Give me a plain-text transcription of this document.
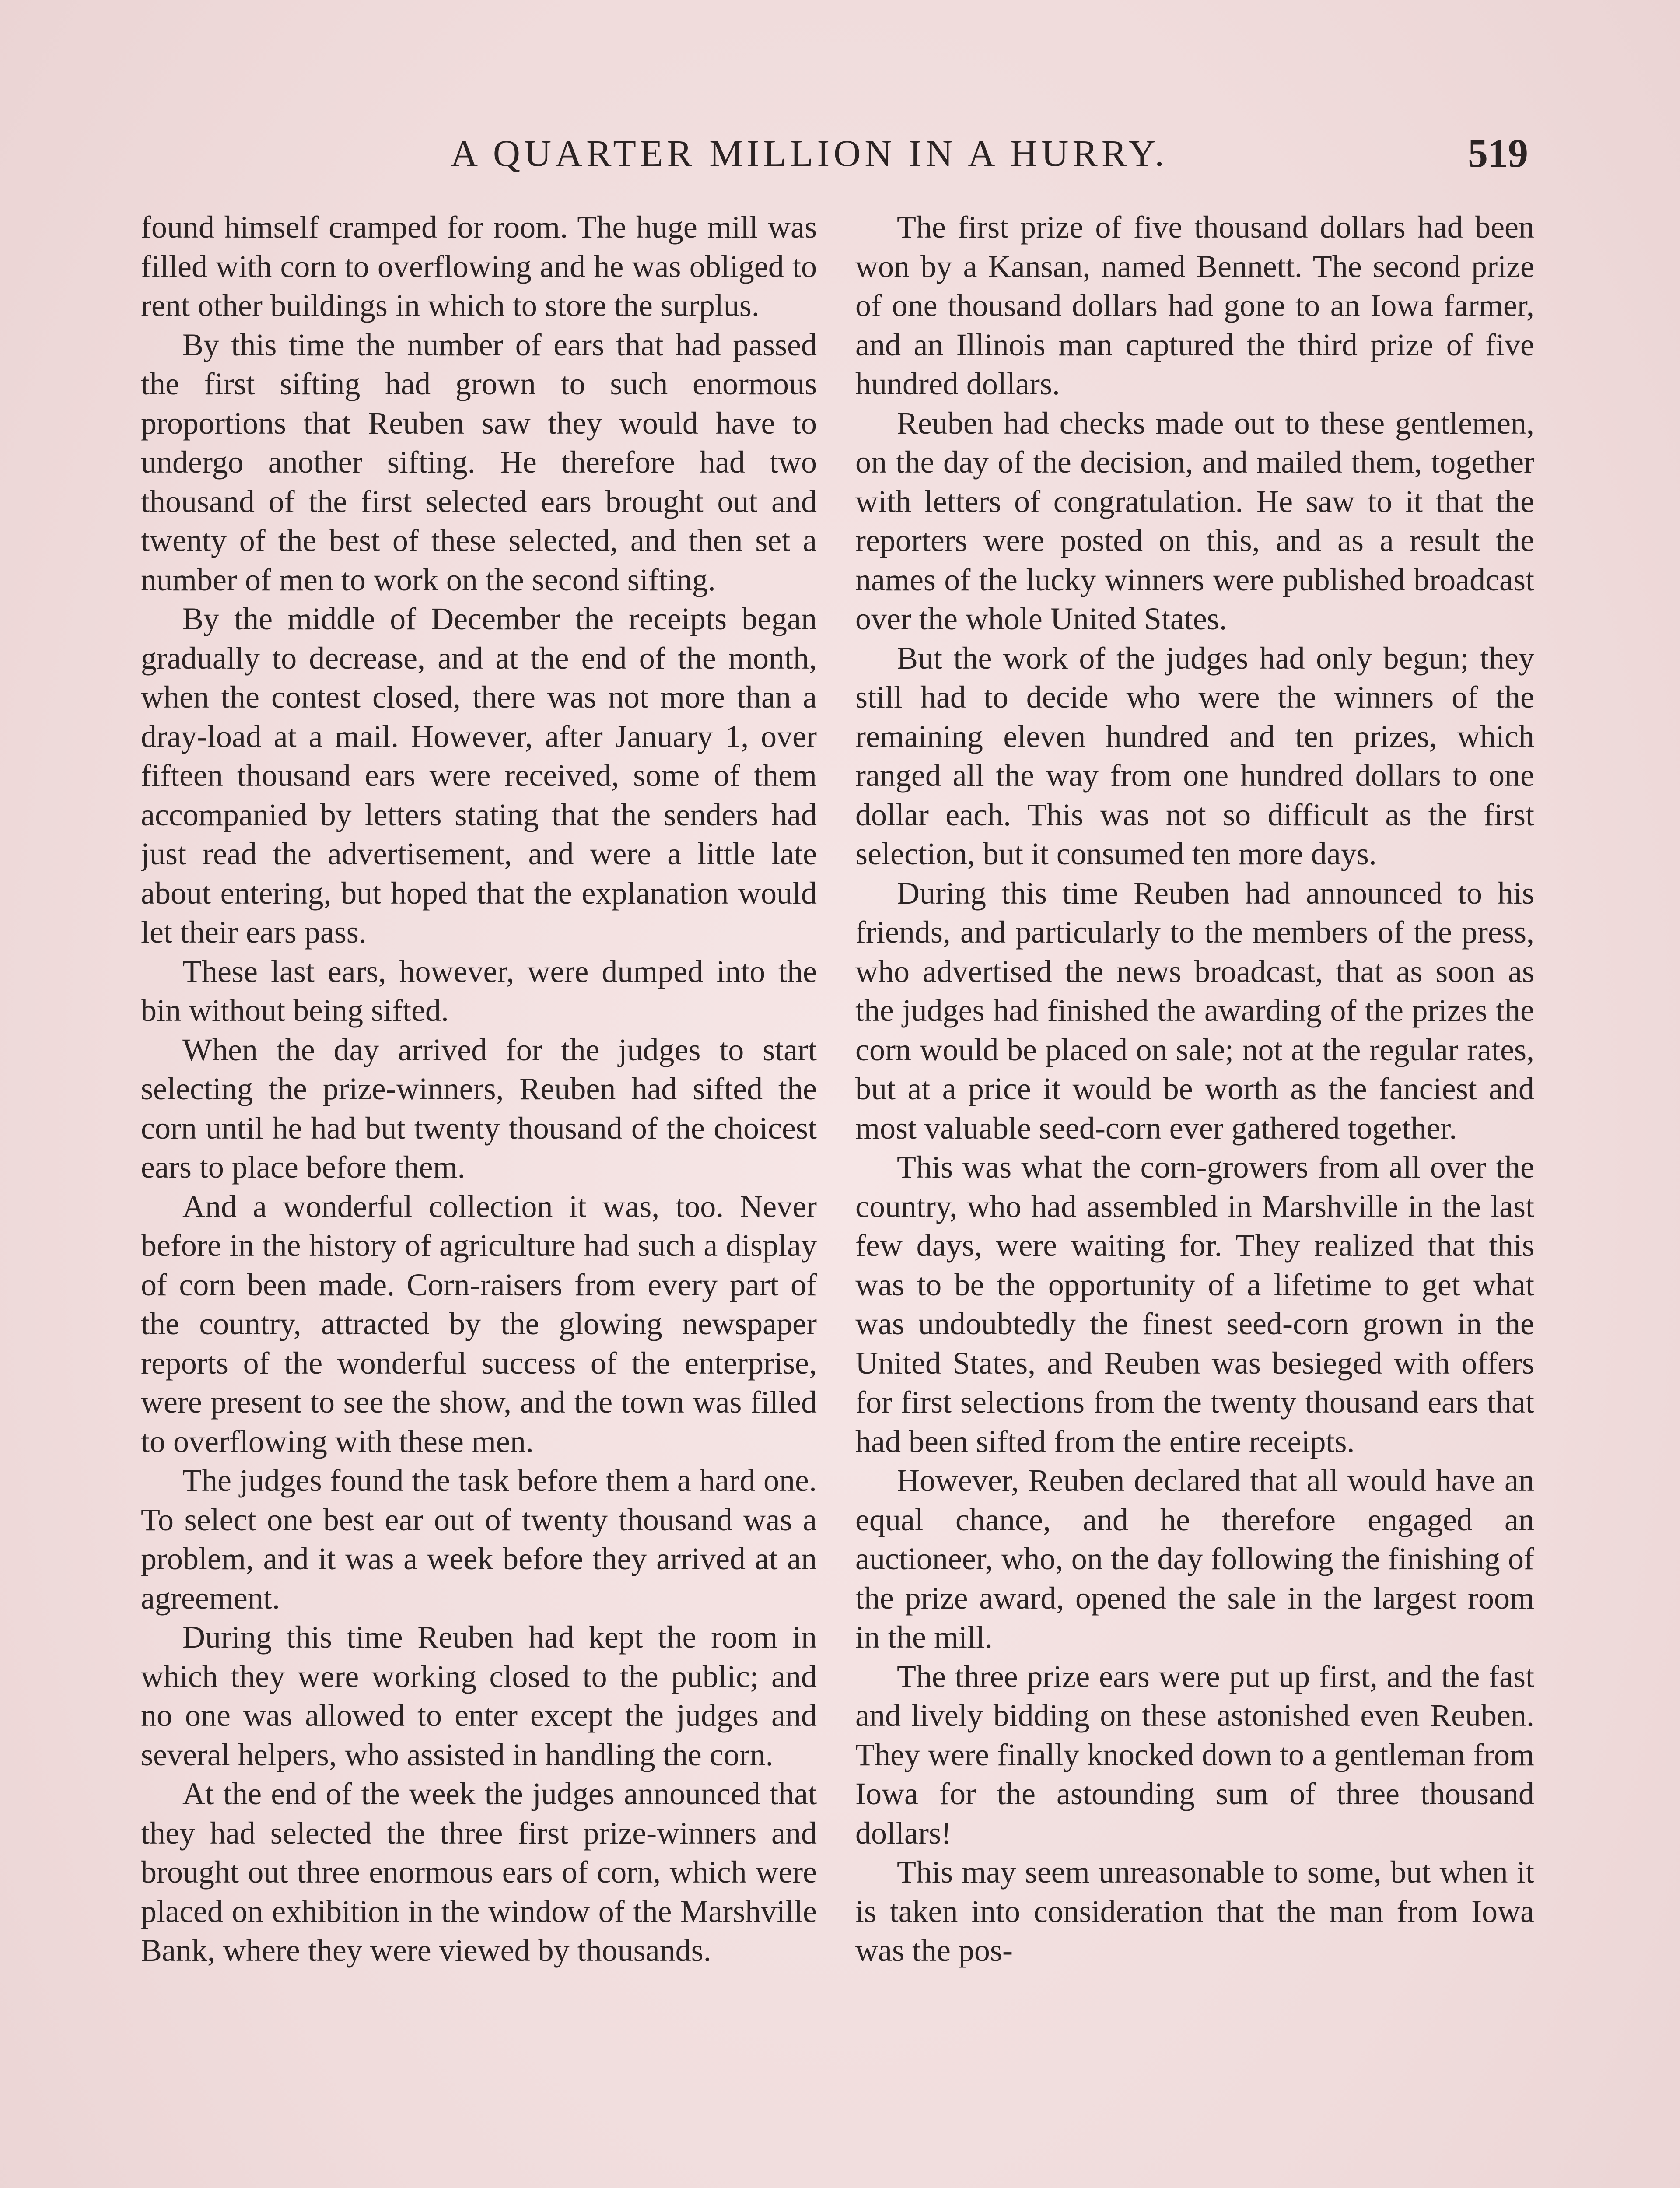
A QUARTER MILLION IN A HURRY.	519

found himself cramped for room. The huge mill was filled with corn to overflowing and he was obliged to rent other buildings in which to store the surplus.

By this time the number of ears that had passed the first sifting had grown to such enormous proportions that Reuben saw they would have to undergo another sifting. He therefore had two thousand of the first selected ears brought out and twenty of the best of these selected, and then set a number of men to work on the second sifting.

By the middle of December the receipts began gradually to decrease, and at the end of the month, when the contest closed, there was not more than a dray-load at a mail. However, after January 1, over fifteen thousand ears were received, some of them accompanied by letters stating that the senders had just read the advertisement, and were a little late about entering, but hoped that the explanation would let their ears pass.

These last ears, however, were dumped into the bin without being sifted.

When the day arrived for the judges to start selecting the prize-winners, Reuben had sifted the corn until he had but twenty thousand of the choicest ears to place before them.

And a wonderful collection it was, too. Never before in the history of agriculture had such a display of corn been made. Corn-raisers from every part of the country, attracted by the glowing newspaper reports of the wonderful success of the enterprise, were present to see the show, and the town was filled to overflowing with these men.

The judges found the task before them a hard one. To select one best ear out of twenty thousand was a problem, and it was a week before they arrived at an agreement.

During this time Reuben had kept the room in which they were working closed to the public; and no one was allowed to enter except the judges and several helpers, who assisted in handling the corn.

At the end of the week the judges announced that they had selected the three first prize-winners and brought out three enormous ears of corn, which were placed on exhibition in the window of the Marshville Bank, where they were viewed by thousands.

The first prize of five thousand dollars had been won by a Kansan, named Bennett. The second prize of one thousand dollars had gone to an Iowa farmer, and an Illinois man captured the third prize of five hundred dollars.

Reuben had checks made out to these gentlemen, on the day of the decision, and mailed them, together with letters of congratulation. He saw to it that the reporters were posted on this, and as a result the names of the lucky winners were published broadcast over the whole United States.

But the work of the judges had only begun; they still had to decide who were the winners of the remaining eleven hundred and ten prizes, which ranged all the way from one hundred dollars to one dollar each. This was not so difficult as the first selection, but it consumed ten more days.

During this time Reuben had announced to his friends, and particularly to the members of the press, who advertised the news broadcast, that as soon as the judges had finished the awarding of the prizes the corn would be placed on sale; not at the regular rates, but at a price it would be worth as the fanciest and most valuable seed-corn ever gathered together.

This was what the corn-growers from all over the country, who had assembled in Marshville in the last few days, were waiting for. They realized that this was to be the opportunity of a lifetime to get what was undoubtedly the finest seed-corn grown in the United States, and Reuben was besieged with offers for first selections from the twenty thousand ears that had been sifted from the entire receipts.

However, Reuben declared that all would have an equal chance, and he therefore engaged an auctioneer, who, on the day following the finishing of the prize award, opened the sale in the largest room in the mill.

The three prize ears were put up first, and the fast and lively bidding on these astonished even Reuben. They were finally knocked down to a gentleman from Iowa for the astounding sum of three thousand dollars!

This may seem unreasonable to some, but when it is taken into consideration that the man from Iowa was the pos-
